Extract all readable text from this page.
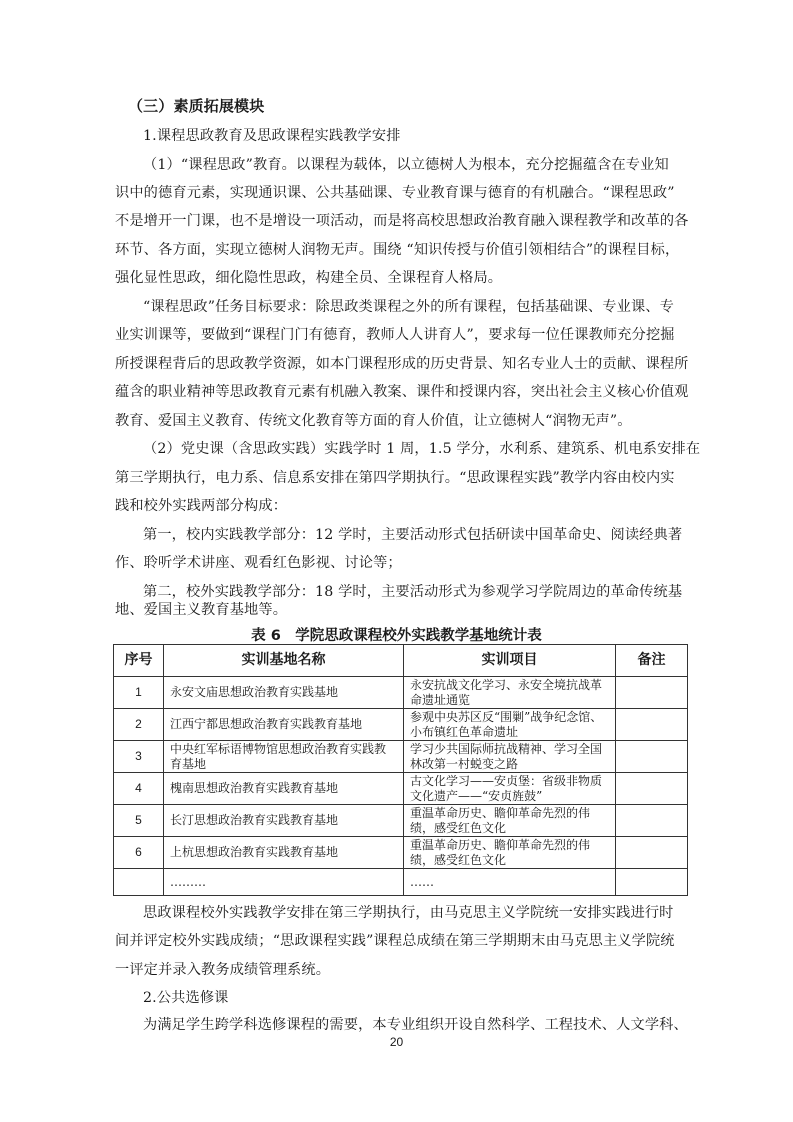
（三）素质拓展模块
1.课程思政教育及思政课程实践教学安排
（1）“课程思政”教育。以课程为载体，以立德树人为根本，充分挖掘蕴含在专业知
识中的德育元素，实现通识课、公共基础课、专业教育课与德育的有机融合。“课程思政”
不是增开一门课，也不是增设一项活动，而是将高校思想政治教育融入课程教学和改革的各
环节、各方面，实现立德树人润物无声。围绕 “知识传授与价值引领相结合”的课程目标，
强化显性思政，细化隐性思政，构建全员、全课程育人格局。
“课程思政”任务目标要求：除思政类课程之外的所有课程，包括基础课、专业课、专
业实训课等，要做到“课程门门有德育，教师人人讲育人”，要求每一位任课教师充分挖掘
所授课程背后的思政教学资源，如本门课程形成的历史背景、知名专业人士的贡献、课程所
蕴含的职业精神等思政教育元素有机融入教案、课件和授课内容，突出社会主义核心价值观
教育、爱国主义教育、传统文化教育等方面的育人价值，让立德树人“润物无声”。
（2）党史课（含思政实践）实践学时 1 周，1.5 学分，水利系、建筑系、机电系安排在
第三学期执行，电力系、信息系安排在第四学期执行。“思政课程实践”教学内容由校内实
践和校外实践两部分构成：
第一，校内实践教学部分：12 学时，主要活动形式包括研读中国革命史、阅读经典著
作、聆听学术讲座、观看红色影视、讨论等；
第二，校外实践教学部分：18 学时，主要活动形式为参观学习学院周边的革命传统基
地、爱国主义教育基地等。
表 6　学院思政课程校外实践教学基地统计表
序号	实训基地名称	实训项目	备注
1	永安文庙思想政治教育实践基地	永安抗战文化学习、永安全境抗战革命遗址通览	
2	江西宁都思想政治教育实践教育基地	参观中央苏区反“围剿”战争纪念馆、小布镇红色革命遗址	
3	中央红军标语博物馆思想政治教育实践教育基地	学习少共国际师抗战精神、学习全国林改第一村蜕变之路	
4	槐南思想政治教育实践教育基地	古文化学习——安贞堡：省级非物质文化遗产——“安贞旌鼓”	
5	长汀思想政治教育实践教育基地	重温革命历史、瞻仰革命先烈的伟绩，感受红色文化	
6	上杭思想政治教育实践教育基地	重温革命历史、瞻仰革命先烈的伟绩，感受红色文化	
	………	……	
思政课程校外实践教学安排在第三学期执行，由马克思主义学院统一安排实践进行时
间并评定校外实践成绩；“思政课程实践”课程总成绩在第三学期期末由马克思主义学院统
一评定并录入教务成绩管理系统。
2.公共选修课
为满足学生跨学科选修课程的需要，本专业组织开设自然科学、工程技术、人文学科、
20
